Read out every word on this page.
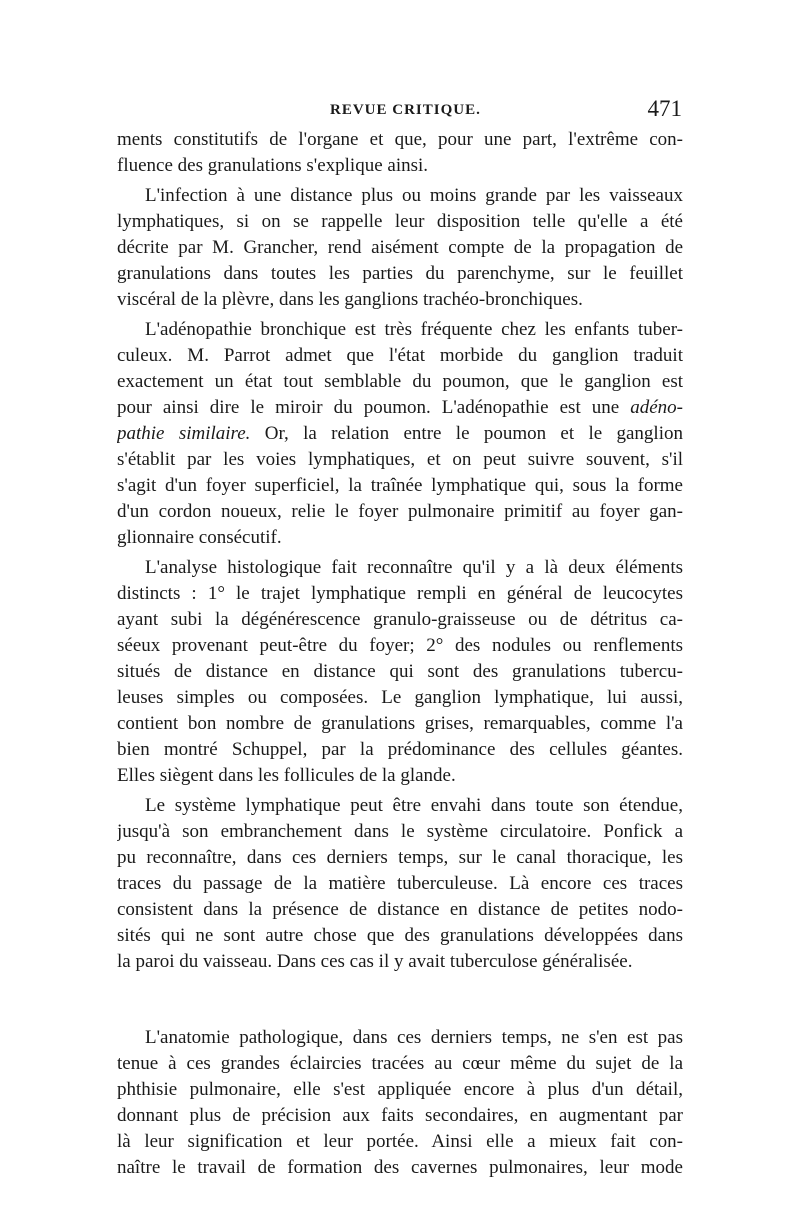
REVUE CRITIQUE.	471
ments constitutifs de l'organe et que, pour une part, l'extrême con-
fluence des granulations s'explique ainsi.
L'infection à une distance plus ou moins grande par les vaisseaux
lymphatiques, si on se rappelle leur disposition telle qu'elle a été
décrite par M. Grancher, rend aisément compte de la propagation de
granulations dans toutes les parties du parenchyme, sur le feuillet
viscéral de la plèvre, dans les ganglions trachéo-bronchiques.
L'adénopathie bronchique est très fréquente chez les enfants tuber-
culeux. M. Parrot admet que l'état morbide du ganglion traduit
exactement un état tout semblable du poumon, que le ganglion est
pour ainsi dire le miroir du poumon. L'adénopathie est une adéno-
pathie similaire. Or, la relation entre le poumon et le ganglion
s'établit par les voies lymphatiques, et on peut suivre souvent, s'il
s'agit d'un foyer superficiel, la traînée lymphatique qui, sous la forme
d'un cordon noueux, relie le foyer pulmonaire primitif au foyer gan-
glionnaire consécutif.
L'analyse histologique fait reconnaître qu'il y a là deux éléments
distincts : 1° le trajet lymphatique rempli en général de leucocytes
ayant subi la dégénérescence granulo-graisseuse ou de détritus ca-
séeux provenant peut-être du foyer; 2° des nodules ou renflements
situés de distance en distance qui sont des granulations tubercu-
leuses simples ou composées. Le ganglion lymphatique, lui aussi,
contient bon nombre de granulations grises, remarquables, comme l'a
bien montré Schuppel, par la prédominance des cellules géantes.
Elles siègent dans les follicules de la glande.
Le système lymphatique peut être envahi dans toute son étendue,
jusqu'à son embranchement dans le système circulatoire. Ponfick a
pu reconnaître, dans ces derniers temps, sur le canal thoracique, les
traces du passage de la matière tuberculeuse. Là encore ces traces
consistent dans la présence de distance en distance de petites nodo-
sités qui ne sont autre chose que des granulations développées dans
la paroi du vaisseau. Dans ces cas il y avait tuberculose généralisée.
L'anatomie pathologique, dans ces derniers temps, ne s'en est pas
tenue à ces grandes éclaircies tracées au cœur même du sujet de la
phthisie pulmonaire, elle s'est appliquée encore à plus d'un détail,
donnant plus de précision aux faits secondaires, en augmentant par
là leur signification et leur portée. Ainsi elle a mieux fait con-
naître le travail de formation des cavernes pulmonaires, leur mode
